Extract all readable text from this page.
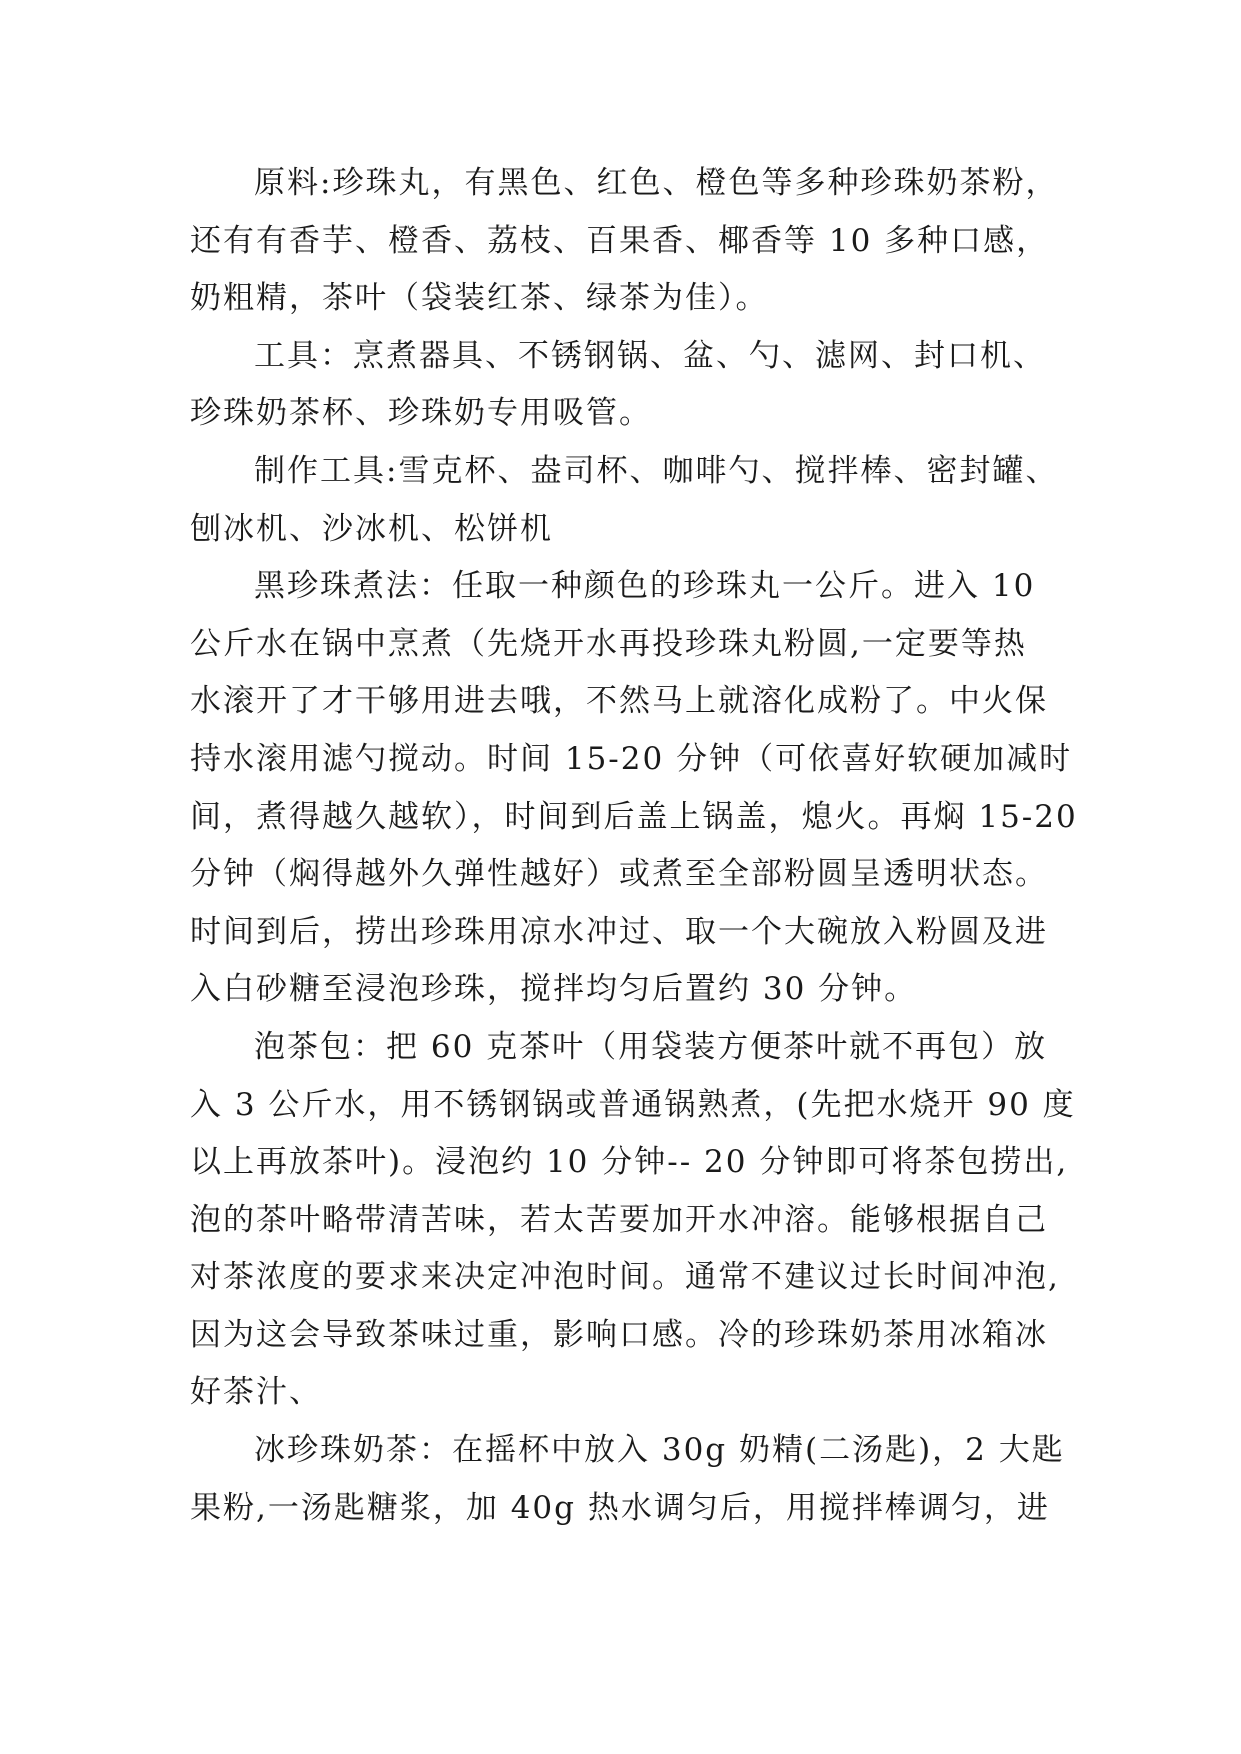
原料:珍珠丸，有黑色、红色、橙色等多种珍珠奶茶粉，
还有有香芋、橙香、荔枝、百果香、椰香等 10 多种口感，
奶粗精，茶叶（袋装红茶、绿茶为佳）。
工具：烹煮器具、不锈钢锅、盆、勺、滤网、封口机、
珍珠奶茶杯、珍珠奶专用吸管。
制作工具:雪克杯、盎司杯、咖啡勺、搅拌棒、密封罐、
刨冰机、沙冰机、松饼机
黑珍珠煮法：任取一种颜色的珍珠丸一公斤。进入 10
公斤水在锅中烹煮（先烧开水再投珍珠丸粉圆,一定要等热
水滚开了才干够用进去哦，不然马上就溶化成粉了。中火保
持水滚用滤勺搅动。时间 15-20 分钟（可依喜好软硬加减时
间，煮得越久越软），时间到后盖上锅盖，熄火。再焖 15-20
分钟（焖得越外久弹性越好）或煮至全部粉圆呈透明状态。
时间到后，捞出珍珠用凉水冲过、取一个大碗放入粉圆及进
入白砂糖至浸泡珍珠，搅拌均匀后置约 30 分钟。
泡茶包：把 60 克茶叶（用袋装方便茶叶就不再包）放
入 3 公斤水，用不锈钢锅或普通锅熟煮，(先把水烧开 90 度
以上再放茶叶)。浸泡约 10 分钟-- 20 分钟即可将茶包捞出,
泡的茶叶略带清苦味，若太苦要加开水冲溶。能够根据自己
对茶浓度的要求来决定冲泡时间。通常不建议过长时间冲泡,
因为这会导致茶味过重，影响口感。冷的珍珠奶茶用冰箱冰
好茶汁、
冰珍珠奶茶：在摇杯中放入 30g 奶精(二汤匙)，2 大匙
果粉,一汤匙糖浆，加 40g 热水调匀后，用搅拌棒调匀，进
